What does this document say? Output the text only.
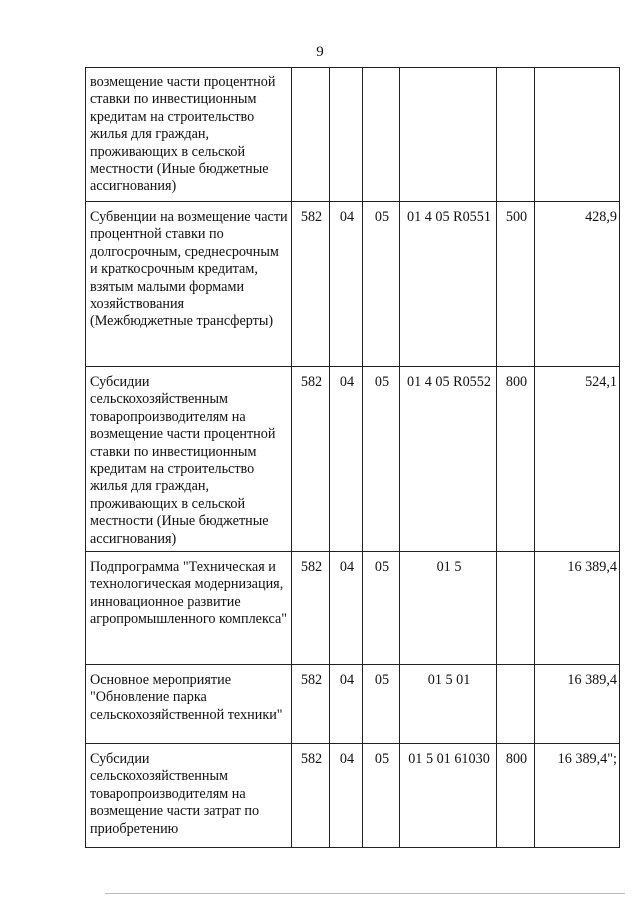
9
возмещение части процентной ставки по инвестиционным кредитам на строительство жилья для граждан, проживающих в сельской местности (Иные бюджетные ассигнования)						
Субвенции на возмещение части процентной ставки по долгосрочным, среднесрочным и краткосрочным кредитам, взятым малыми формами хозяйствования (Межбюджетные трансферты)	582	04	05	01 4 05 R0551	500	428,9
Субсидии сельскохозяйственным товаропроизводителям на возмещение части процентной ставки по инвестиционным кредитам на строительство жилья для граждан, проживающих в сельской местности (Иные бюджетные ассигнования)	582	04	05	01 4 05 R0552	800	524,1
Подпрограмма "Техническая и технологическая модернизация, инновационное развитие агропромышленного комплекса"	582	04	05	01 5		16 389,4
Основное мероприятие "Обновление парка сельскохозяйственной техники"	582	04	05	01 5 01		16 389,4
Субсидии сельскохозяйственным товаропроизводителям на возмещение части затрат по приобретению	582	04	05	01 5 01 61030	800	16 389,4";
